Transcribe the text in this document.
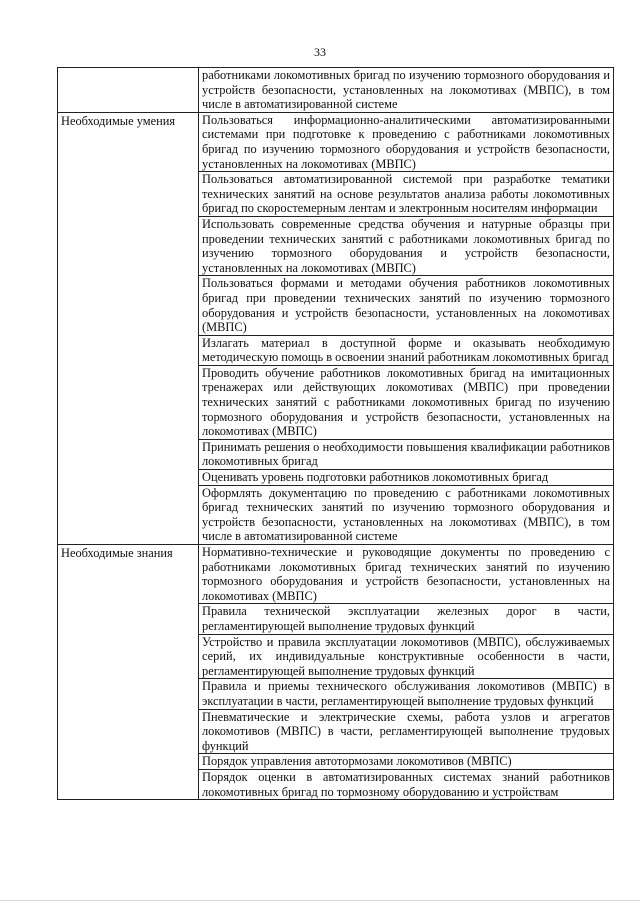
33
	работниками локомотивных бригад по изучению тормозного оборудования и устройств безопасности, установленных на локомотивах (МВПС), в том числе в автоматизированной системе
Необходимые умения	Пользоваться информационно-аналитическими автоматизированными системами при подготовке к проведению с работниками локомотивных бригад по изучению тормозного оборудования и устройств безопасности, установленных на локомотивах (МВПС)
	Пользоваться автоматизированной системой при разработке тематики технических занятий на основе результатов анализа работы локомотивных бригад по скоростемерным лентам и электронным носителям информации
	Использовать современные средства обучения и натурные образцы при проведении технических занятий с работниками локомотивных бригад по изучению тормозного оборудования и устройств безопасности, установленных на локомотивах (МВПС)
	Пользоваться формами и методами обучения работников локомотивных бригад при проведении технических занятий по изучению тормозного оборудования и устройств безопасности, установленных на локомотивах (МВПС)
	Излагать материал в доступной форме и оказывать необходимую методическую помощь в освоении знаний работникам локомотивных бригад
	Проводить обучение работников локомотивных бригад на имитационных тренажерах или действующих локомотивах (МВПС) при проведении технических занятий с работниками локомотивных бригад по изучению тормозного оборудования и устройств безопасности, установленных на локомотивах (МВПС)
	Принимать решения о необходимости повышения квалификации работников локомотивных бригад
	Оценивать уровень подготовки работников локомотивных бригад
	Оформлять документацию по проведению с работниками локомотивных бригад технических занятий по изучению тормозного оборудования и устройств безопасности, установленных на локомотивах (МВПС), в том числе в автоматизированной системе
Необходимые знания	Нормативно-технические и руководящие документы по проведению с работниками локомотивных бригад технических занятий по изучению тормозного оборудования и устройств безопасности, установленных на локомотивах (МВПС)
	Правила технической эксплуатации железных дорог в части, регламентирующей выполнение трудовых функций
	Устройство и правила эксплуатации локомотивов (МВПС), обслуживаемых серий, их индивидуальные конструктивные особенности в части, регламентирующей выполнение трудовых функций
	Правила и приемы технического обслуживания локомотивов (МВПС) в эксплуатации в части, регламентирующей выполнение трудовых функций
	Пневматические и электрические схемы, работа узлов и агрегатов локомотивов (МВПС) в части, регламентирующей выполнение трудовых функций
	Порядок управления автотормозами локомотивов (МВПС)
	Порядок оценки в автоматизированных системах знаний работников локомотивных бригад по тормозному оборудованию и устройствам
